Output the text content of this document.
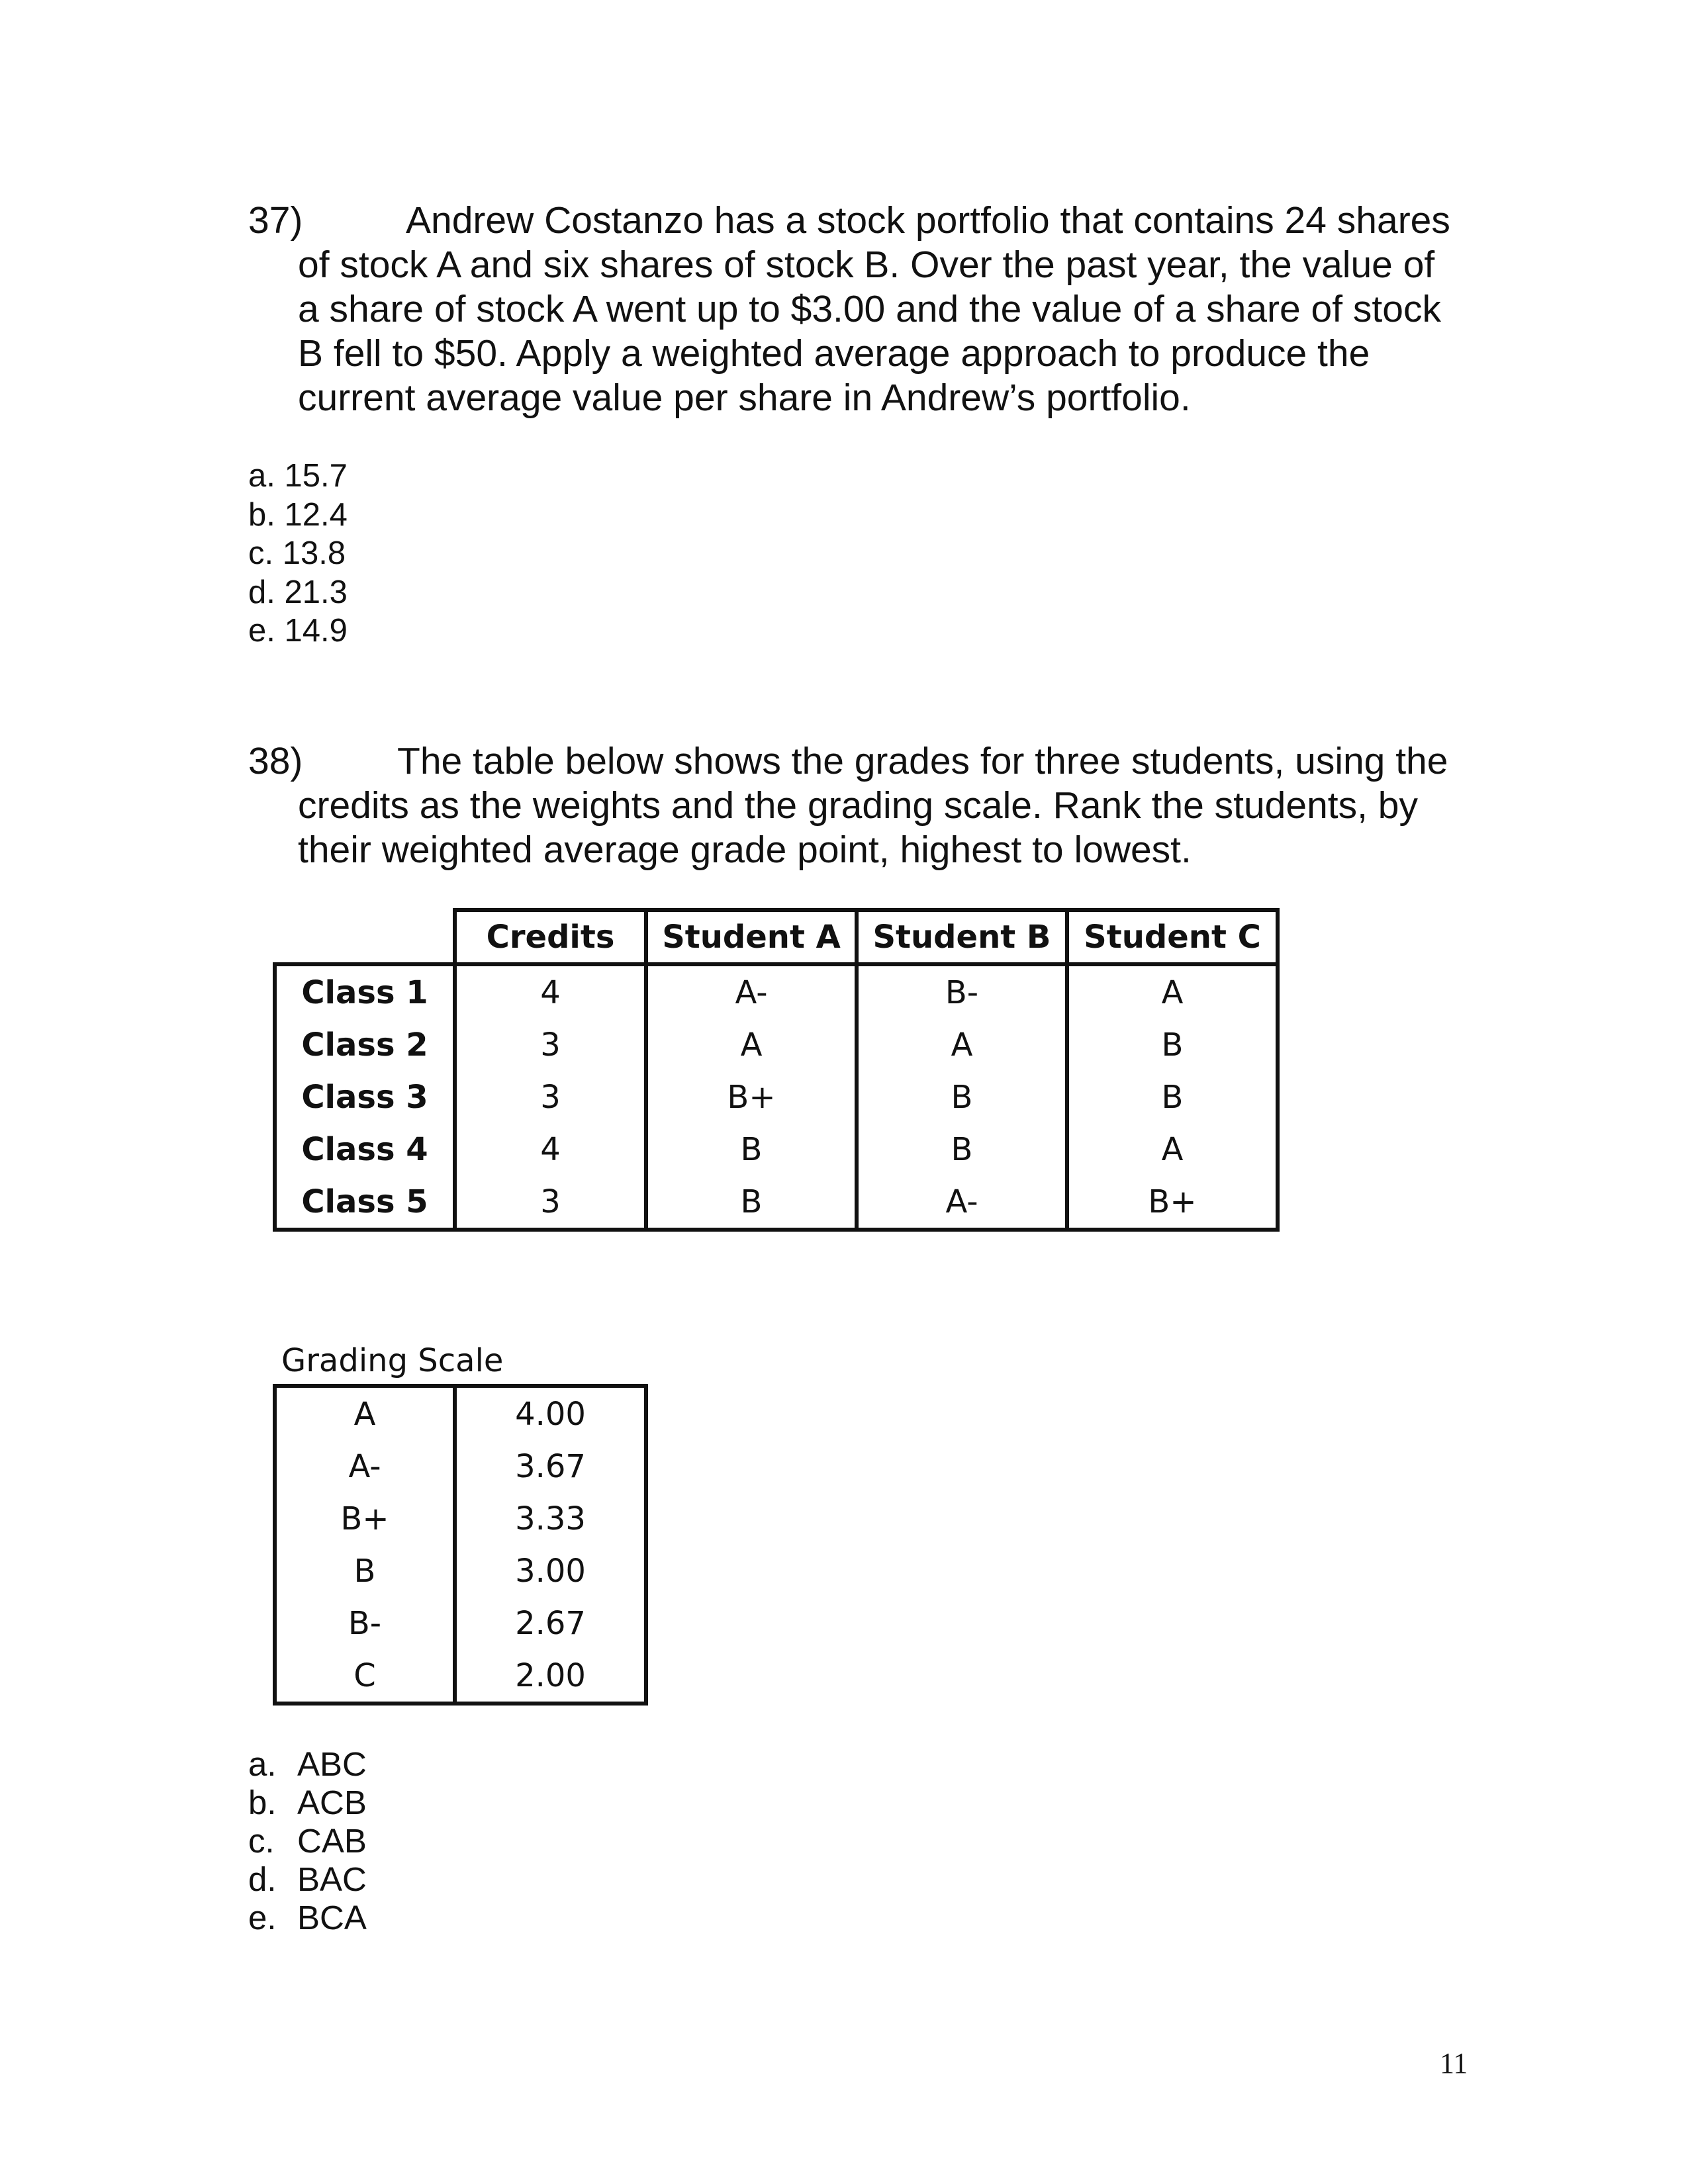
37)	Andrew Costanzo has a stock portfolio that contains 24 shares
of stock A and six shares of stock B. Over the past year, the value of
a share of stock A went up to $3.00 and the value of a share of stock
B fell to $50. Apply a weighted average approach to produce the
current average value per share in Andrew’s portfolio.
a. 15.7
b. 12.4
c. 13.8
d. 21.3
e. 14.9
38)	The table below shows the grades for three students, using the
credits as the weights and the grading scale. Rank the students, by
their weighted average grade point, highest to lowest.
	Credits	Student A	Student B	Student C
Class 1	4	A-	B-	A
Class 2	3	A	A	B
Class 3	3	B+	B	B
Class 4	4	B	B	A
Class 5	3	B	A-	B+
Grading Scale
A	4.00
A-	3.67
B+	3.33
B	3.00
B-	2.67
C	2.00
a. ABC
b. ACB
c. CAB
d. BAC
e. BCA
11
